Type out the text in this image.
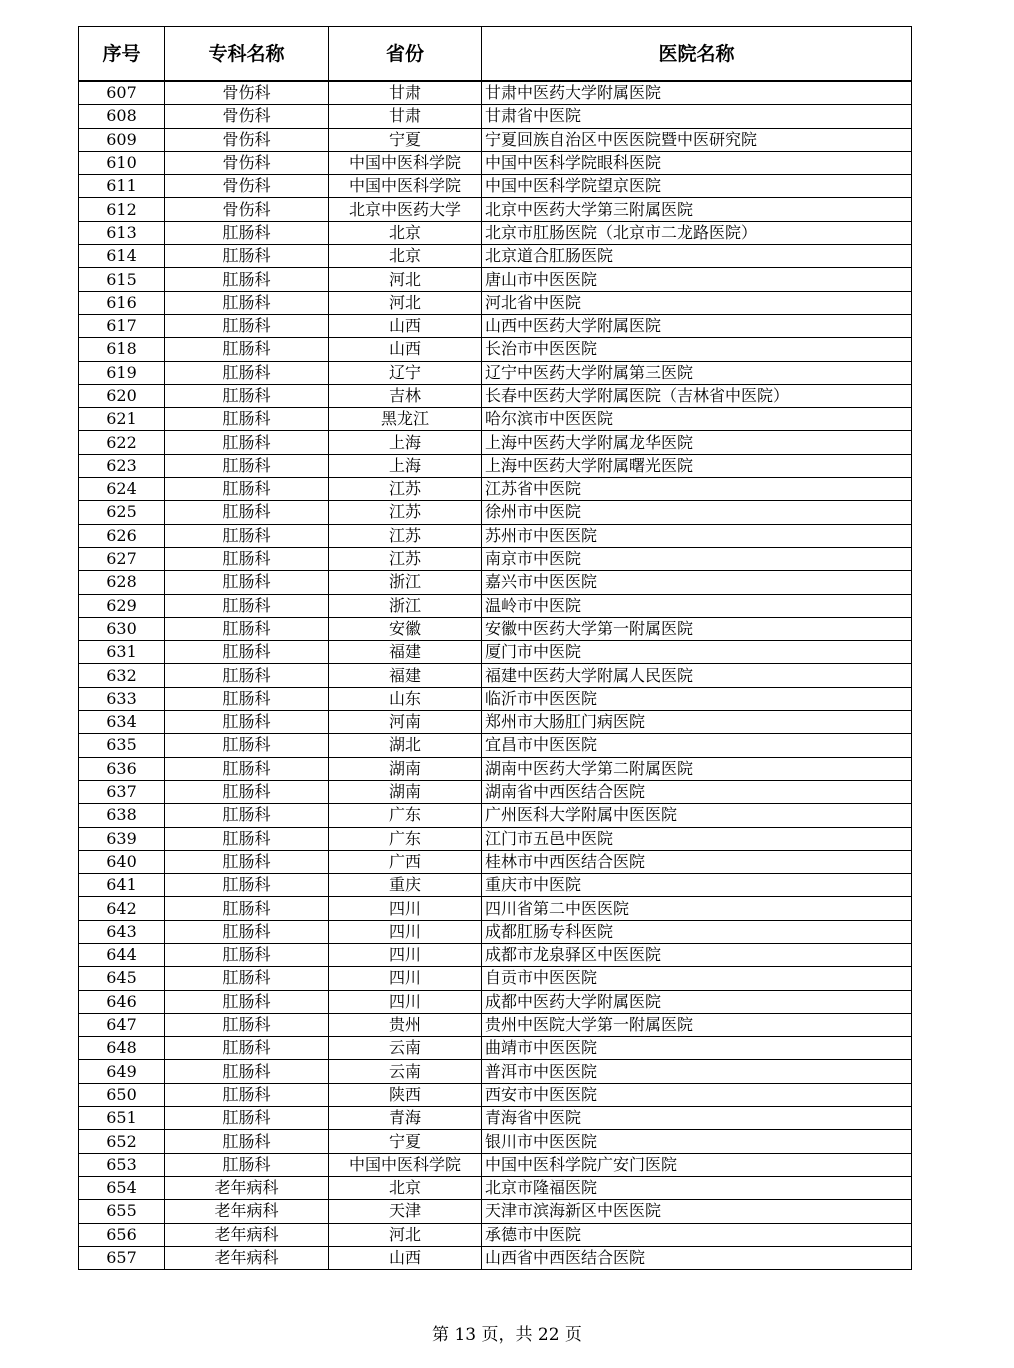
序号	专科名称	省份	医院名称
607	骨伤科	甘肃	甘肃中医药大学附属医院
608	骨伤科	甘肃	甘肃省中医院
609	骨伤科	宁夏	宁夏回族自治区中医医院暨中医研究院
610	骨伤科	中国中医科学院	中国中医科学院眼科医院
611	骨伤科	中国中医科学院	中国中医科学院望京医院
612	骨伤科	北京中医药大学	北京中医药大学第三附属医院
613	肛肠科	北京	北京市肛肠医院（北京市二龙路医院）
614	肛肠科	北京	北京道合肛肠医院
615	肛肠科	河北	唐山市中医医院
616	肛肠科	河北	河北省中医院
617	肛肠科	山西	山西中医药大学附属医院
618	肛肠科	山西	长治市中医医院
619	肛肠科	辽宁	辽宁中医药大学附属第三医院
620	肛肠科	吉林	长春中医药大学附属医院（吉林省中医院）
621	肛肠科	黑龙江	哈尔滨市中医医院
622	肛肠科	上海	上海中医药大学附属龙华医院
623	肛肠科	上海	上海中医药大学附属曙光医院
624	肛肠科	江苏	江苏省中医院
625	肛肠科	江苏	徐州市中医院
626	肛肠科	江苏	苏州市中医医院
627	肛肠科	江苏	南京市中医院
628	肛肠科	浙江	嘉兴市中医医院
629	肛肠科	浙江	温岭市中医院
630	肛肠科	安徽	安徽中医药大学第一附属医院
631	肛肠科	福建	厦门市中医院
632	肛肠科	福建	福建中医药大学附属人民医院
633	肛肠科	山东	临沂市中医医院
634	肛肠科	河南	郑州市大肠肛门病医院
635	肛肠科	湖北	宜昌市中医医院
636	肛肠科	湖南	湖南中医药大学第二附属医院
637	肛肠科	湖南	湖南省中西医结合医院
638	肛肠科	广东	广州医科大学附属中医医院
639	肛肠科	广东	江门市五邑中医院
640	肛肠科	广西	桂林市中西医结合医院
641	肛肠科	重庆	重庆市中医院
642	肛肠科	四川	四川省第二中医医院
643	肛肠科	四川	成都肛肠专科医院
644	肛肠科	四川	成都市龙泉驿区中医医院
645	肛肠科	四川	自贡市中医医院
646	肛肠科	四川	成都中医药大学附属医院
647	肛肠科	贵州	贵州中医院大学第一附属医院
648	肛肠科	云南	曲靖市中医医院
649	肛肠科	云南	普洱市中医医院
650	肛肠科	陕西	西安市中医医院
651	肛肠科	青海	青海省中医院
652	肛肠科	宁夏	银川市中医医院
653	肛肠科	中国中医科学院	中国中医科学院广安门医院
654	老年病科	北京	北京市隆福医院
655	老年病科	天津	天津市滨海新区中医医院
656	老年病科	河北	承德市中医院
657	老年病科	山西	山西省中西医结合医院
第 13 页，共 22 页
